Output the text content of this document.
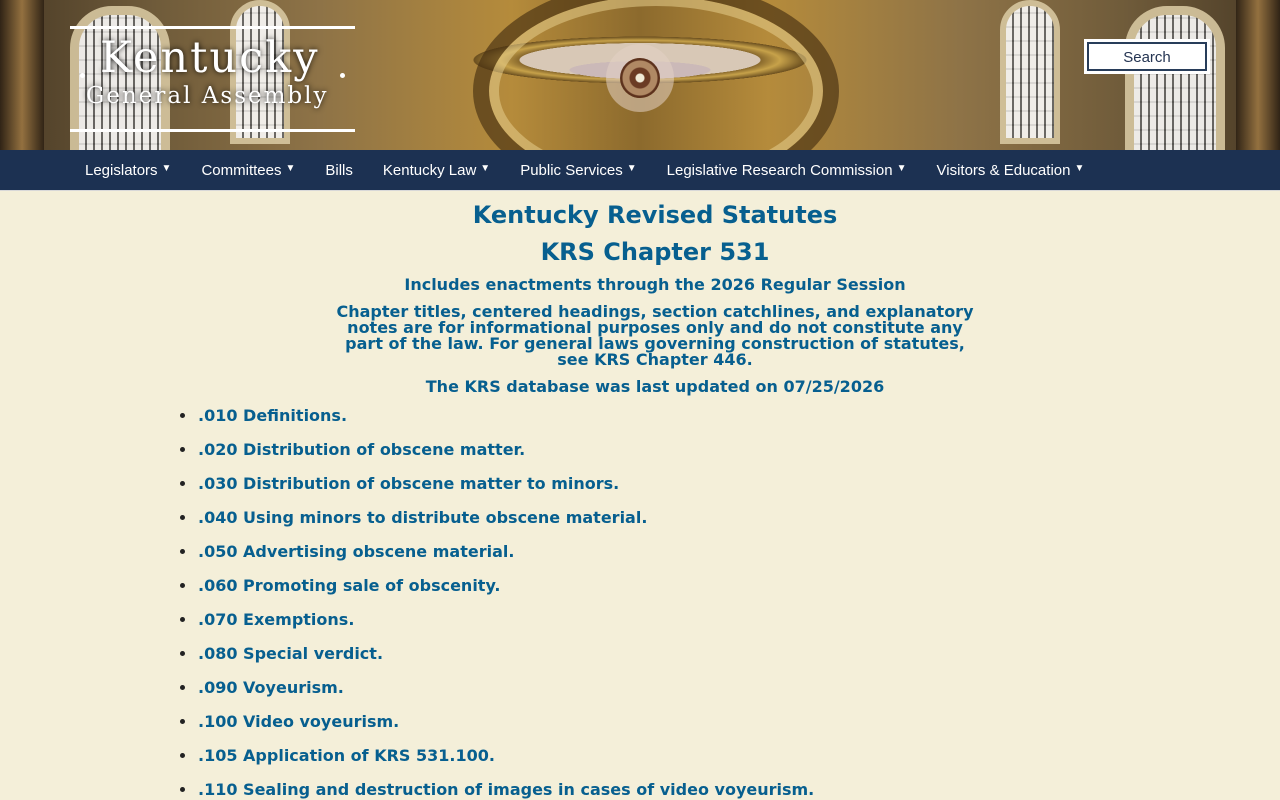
Kentucky
General Assembly
Search
Legislators ▼ Committees ▼ Bills Kentucky Law ▼ Public Services ▼ Legislative Research Commission ▼ Visitors & Education ▼
Kentucky Revised Statutes
KRS Chapter 531

Includes enactments through the 2026 Regular Session

Chapter titles, centered headings, section catchlines, and explanatory notes are for informational purposes only and do not constitute any part of the law. For general laws governing construction of statutes, see KRS Chapter 446.

The KRS database was last updated on 07/25/2026

.010 Definitions.
.020 Distribution of obscene matter.
.030 Distribution of obscene matter to minors.
.040 Using minors to distribute obscene material.
.050 Advertising obscene material.
.060 Promoting sale of obscenity.
.070 Exemptions.
.080 Special verdict.
.090 Voyeurism.
.100 Video voyeurism.
.105 Application of KRS 531.100.
.110 Sealing and destruction of images in cases of video voyeurism.
